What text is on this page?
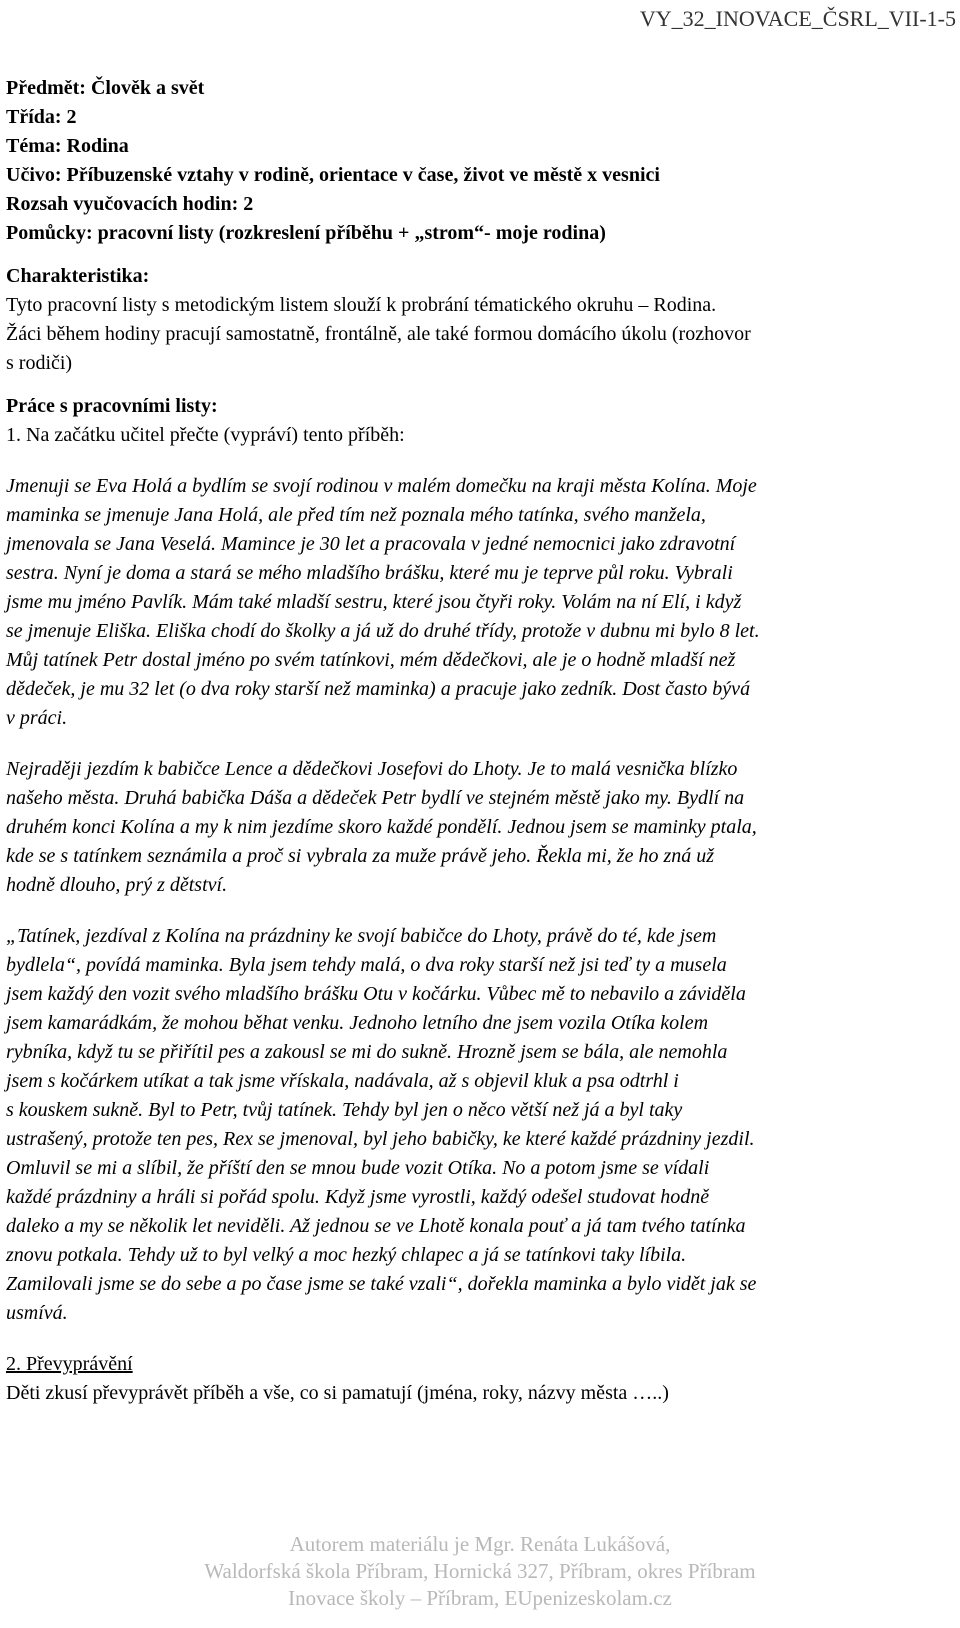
VY_32_INOVACE_ČSRL_VII-1-5
Předmět: Člověk a svět
Třída: 2
Téma: Rodina
Učivo: Příbuzenské vztahy v rodině, orientace v čase, život ve městě x vesnici
Rozsah vyučovacích hodin: 2
Pomůcky: pracovní listy (rozkreslení příběhu + „strom“- moje rodina)
Charakteristika:
Tyto pracovní listy s metodickým listem slouží k probrání tématického okruhu – Rodina.
Žáci během hodiny pracují samostatně, frontálně, ale také formou domácího úkolu (rozhovor
s rodiči)
Práce s pracovními listy:
1. Na začátku učitel přečte (vypráví) tento příběh:
Jmenuji se Eva Holá a bydlím se svojí rodinou v malém domečku na kraji města Kolína. Moje
maminka se jmenuje Jana Holá, ale před tím než poznala mého tatínka, svého manžela,
jmenovala se Jana Veselá. Mamince je 30 let a pracovala v jedné nemocnici jako zdravotní
sestra. Nyní je doma a stará se mého mladšího brášku, které mu je teprve půl roku. Vybrali
jsme mu jméno Pavlík. Mám také mladší sestru, které jsou čtyři roky. Volám na ní Elí, i když
se jmenuje Eliška. Eliška chodí do školky a já už do druhé třídy, protože v dubnu mi bylo 8 let.
Můj tatínek Petr dostal jméno po svém tatínkovi, mém dědečkovi, ale je o hodně mladší než
dědeček, je mu 32 let (o dva roky starší než maminka) a pracuje jako zedník. Dost často bývá
v práci.
Nejraději jezdím k babičce Lence a dědečkovi Josefovi do Lhoty. Je to malá vesnička blízko
našeho města. Druhá babička Dáša a dědeček Petr bydlí ve stejném městě jako my. Bydlí na
druhém konci Kolína a my k nim jezdíme skoro každé pondělí. Jednou jsem se maminky ptala,
kde se s tatínkem seznámila a proč si vybrala za muže právě jeho. Řekla mi, že ho zná už
hodně dlouho, prý z dětství.
„Tatínek, jezdíval z Kolína na prázdniny ke svojí babičce do Lhoty, právě do té, kde jsem
bydlela“, povídá maminka. Byla jsem tehdy malá, o dva roky starší než jsi teď ty a musela
jsem každý den vozit svého mladšího brášku Otu v kočárku. Vůbec mě to nebavilo a záviděla
jsem kamarádkám, že mohou běhat venku. Jednoho letního dne jsem vozila Otíka kolem
rybníka, když tu se přiřítil pes a zakousl se mi do sukně. Hrozně jsem se bála, ale nemohla
jsem s kočárkem utíkat a tak jsme vřískala, nadávala, až s objevil kluk a psa odtrhl i
s kouskem sukně. Byl to Petr, tvůj tatínek. Tehdy byl jen o něco větší než já a byl taky
ustrašený, protože ten pes, Rex se jmenoval, byl jeho babičky, ke které každé prázdniny jezdil.
Omluvil se mi a slíbil, že příští den se mnou bude vozit Otíka. No a potom jsme se vídali
každé prázdniny a hráli si pořád spolu. Když jsme vyrostli, každý odešel studovat hodně
daleko a my se několik let neviděli. Až jednou se ve Lhotě konala pouť a já tam tvého tatínka
znovu potkala. Tehdy už to byl velký a moc hezký chlapec a já se tatínkovi taky líbila.
Zamilovali jsme se do sebe a po čase jsme se také vzali“, dořekla maminka a bylo vidět jak se
usmívá.
2. Převyprávění
Děti zkusí převyprávět příběh a vše, co si pamatují (jména, roky, názvy města …..)
Autorem materiálu je Mgr. Renáta Lukášová,
Waldorfská škola Příbram, Hornická 327, Příbram, okres Příbram
Inovace školy – Příbram, EUpenizeskolam.cz
